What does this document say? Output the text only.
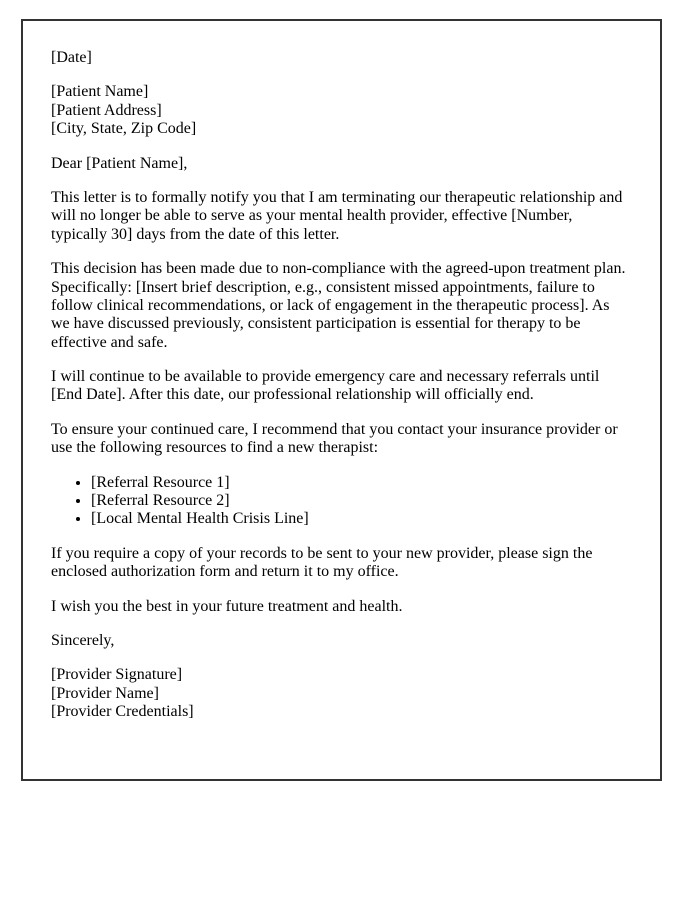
[Date]

[Patient Name]
[Patient Address]
[City, State, Zip Code]

Dear [Patient Name],

This letter is to formally notify you that I am terminating our therapeutic relationship and will no longer be able to serve as your mental health provider, effective [Number, typically 30] days from the date of this letter.

This decision has been made due to non-compliance with the agreed-upon treatment plan. Specifically: [Insert brief description, e.g., consistent missed appointments, failure to follow clinical recommendations, or lack of engagement in the therapeutic process]. As we have discussed previously, consistent participation is essential for therapy to be effective and safe.

I will continue to be available to provide emergency care and necessary referrals until [End Date]. After this date, our professional relationship will officially end.

To ensure your continued care, I recommend that you contact your insurance provider or use the following resources to find a new therapist:

• [Referral Resource 1]
• [Referral Resource 2]
• [Local Mental Health Crisis Line]

If you require a copy of your records to be sent to your new provider, please sign the enclosed authorization form and return it to my office.

I wish you the best in your future treatment and health.

Sincerely,

[Provider Signature]
[Provider Name]
[Provider Credentials]
